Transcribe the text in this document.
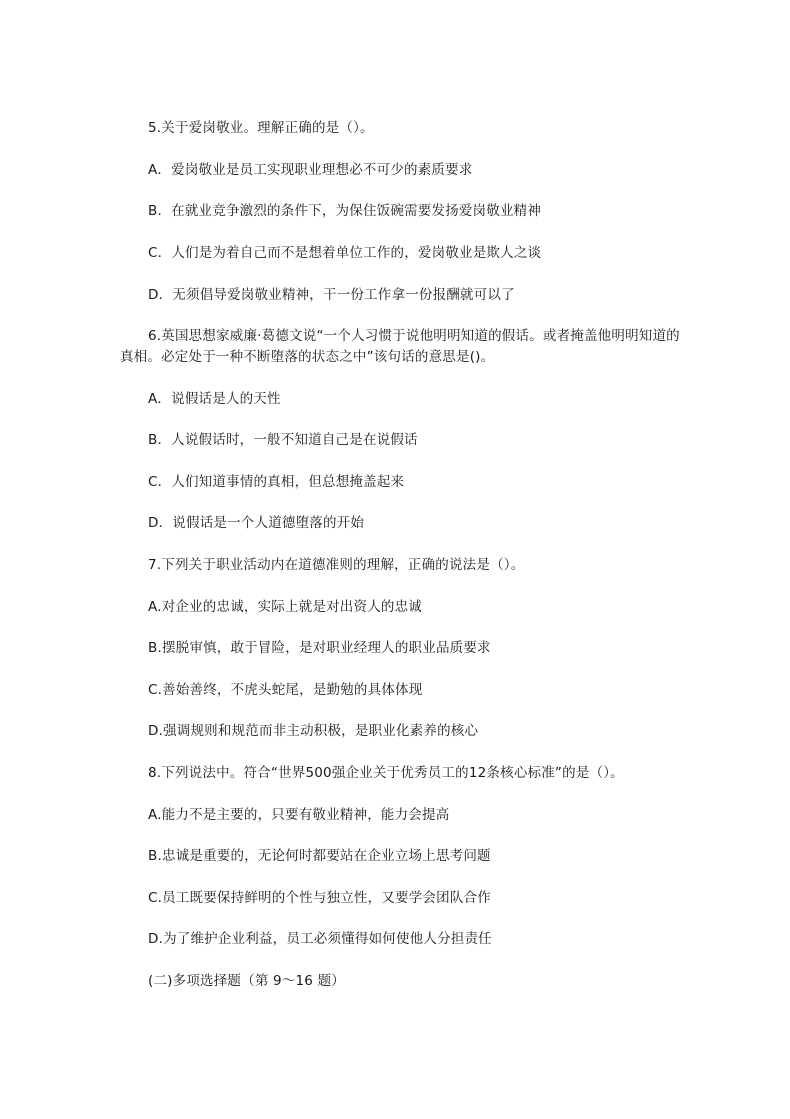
5.关于爱岗敬业。理解正确的是（）。
A．爱岗敬业是员工实现职业理想必不可少的素质要求
B．在就业竞争激烈的条件下，为保住饭碗需要发扬爱岗敬业精神
C．人们是为着自己而不是想着单位工作的，爱岗敬业是欺人之谈
D．无须倡导爱岗敬业精神，干一份工作拿一份报酬就可以了
6.英国思想家威廉·葛德文说“一个人习惯于说他明明知道的假话。或者掩盖他明明知道的真相。必定处于一种不断堕落的状态之中”该句话的意思是()。
A．说假话是人的天性
B．人说假话时，一般不知道自己是在说假话
C．人们知道事情的真相，但总想掩盖起来
D．说假话是一个人道德堕落的开始
7.下列关于职业活动内在道德准则的理解，正确的说法是（）。
A.对企业的忠诚，实际上就是对出资人的忠诚
B.摆脱审慎，敢于冒险，是对职业经理人的职业品质要求
C.善始善终，不虎头蛇尾，是勤勉的具体体现
D.强调规则和规范而非主动积极，是职业化素养的核心
8.下列说法中。符合“世界500强企业关于优秀员工的12条核心标准”的是（）。
A.能力不是主要的，只要有敬业精神，能力会提高
B.忠诚是重要的，无论何时都要站在企业立场上思考问题
C.员工既要保持鲜明的个性与独立性，又要学会团队合作
D.为了维护企业利益，员工必须懂得如何使他人分担责任
(二)多项选择题（第 9～16 题）
